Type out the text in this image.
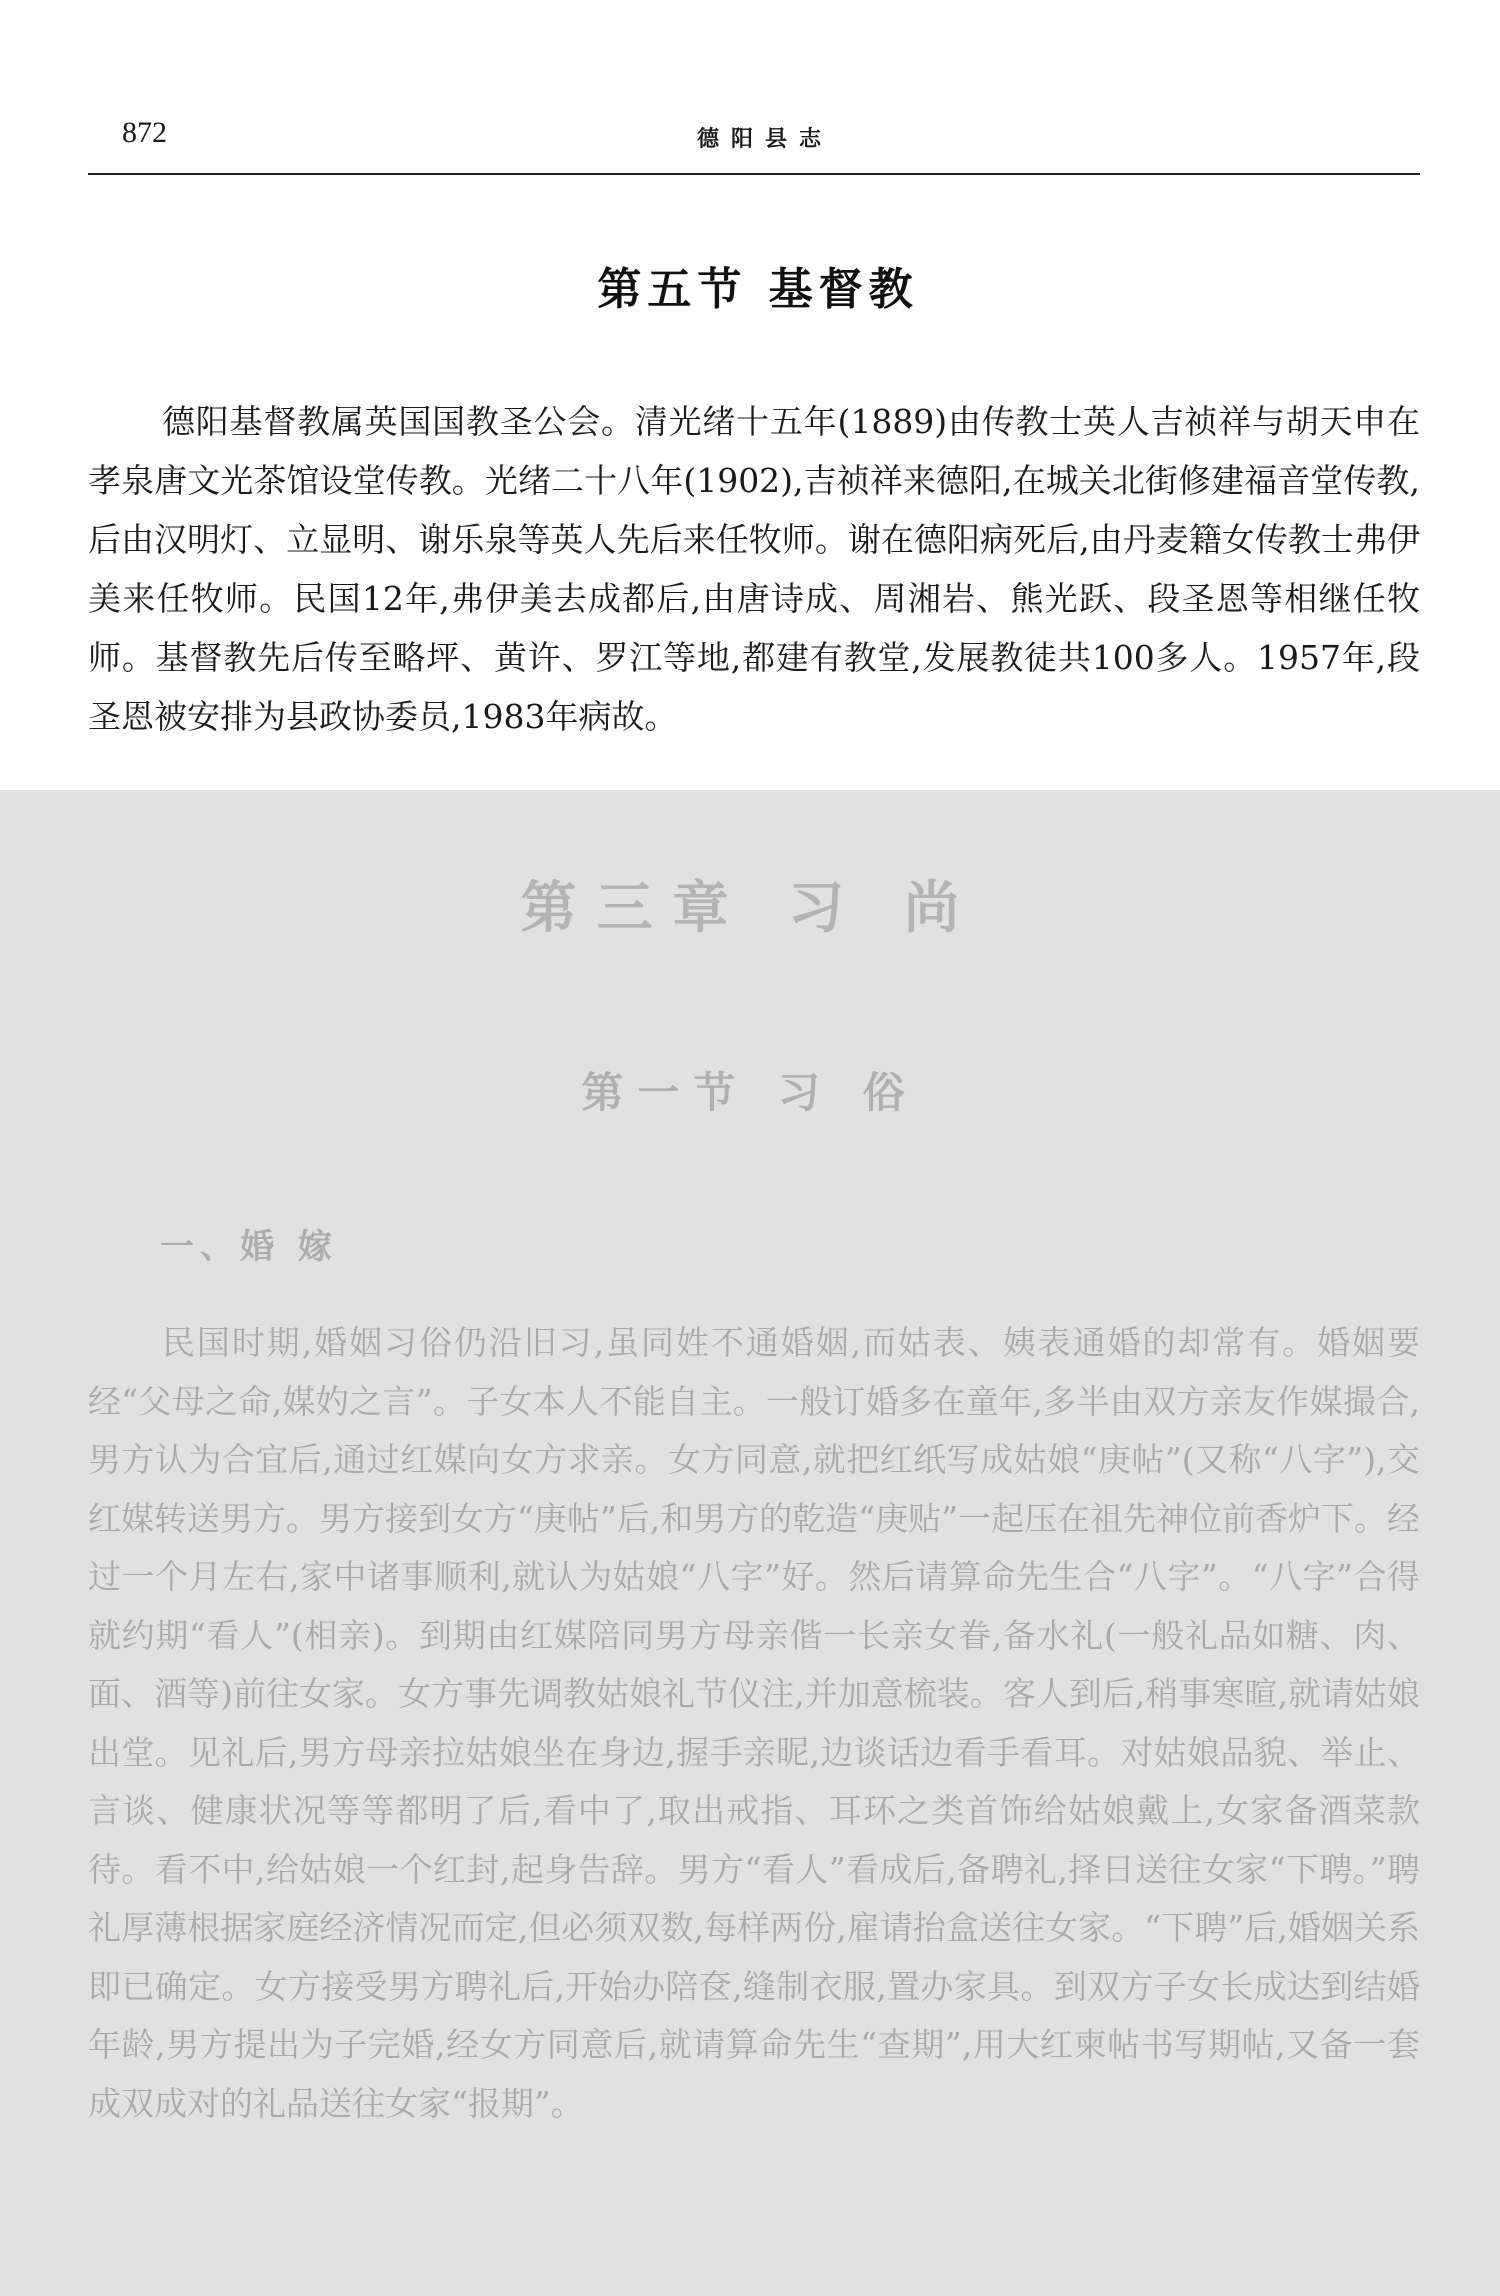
872	德阳县志
第五节 基督教

德阳基督教属英国国教圣公会。清光绪十五年(1889)由传教士英人吉祯祥与胡天申在孝泉唐文光茶馆设堂传教。光绪二十八年(1902),吉祯祥来德阳,在城关北街修建福音堂传教,后由汉明灯、立显明、谢乐泉等英人先后来任牧师。谢在德阳病死后,由丹麦籍女传教士弗伊美来任牧师。民国12年,弗伊美去成都后,由唐诗成、周湘岩、熊光跃、段圣恩等相继任牧师。基督教先后传至略坪、黄许、罗江等地,都建有教堂,发展教徒共100多人。1957年,段圣恩被安排为县政协委员,1983年病故。

第三章 习 尚
第一节 习 俗
一、婚 嫁

民国时期,婚姻习俗仍沿旧习,虽同姓不通婚姻,而姑表、姨表通婚的却常有。婚姻要经“父母之命,媒妁之言”。子女本人不能自主。一般订婚多在童年,多半由双方亲友作媒撮合,男方认为合宜后,通过红媒向女方求亲。女方同意,就把红纸写成姑娘“庚帖”(又称“八字”),交红媒转送男方。男方接到女方“庚帖”后,和男方的乾造“庚贴”一起压在祖先神位前香炉下。经过一个月左右,家中诸事顺利,就认为姑娘“八字”好。然后请算命先生合“八字”。“八字”合得就约期“看人”(相亲)。到期由红媒陪同男方母亲偕一长亲女眷,备水礼(一般礼品如糖、肉、面、酒等)前往女家。女方事先调教姑娘礼节仪注,并加意梳装。客人到后,稍事寒暄,就请姑娘出堂。见礼后,男方母亲拉姑娘坐在身边,握手亲昵,边谈话边看手看耳。对姑娘品貌、举止、言谈、健康状况等等都明了后,看中了,取出戒指、耳环之类首饰给姑娘戴上,女家备酒菜款待。看不中,给姑娘一个红封,起身告辞。男方“看人”看成后,备聘礼,择日送往女家“下聘。”聘礼厚薄根据家庭经济情况而定,但必须双数,每样两份,雇请抬盒送往女家。“下聘”后,婚姻关系即已确定。女方接受男方聘礼后,开始办陪奁,缝制衣服,置办家具。到双方子女长成达到结婚年龄,男方提出为子完婚,经女方同意后,就请算命先生“查期”,用大红柬帖书写期帖,又备一套成双成对的礼品送往女家“报期”。
